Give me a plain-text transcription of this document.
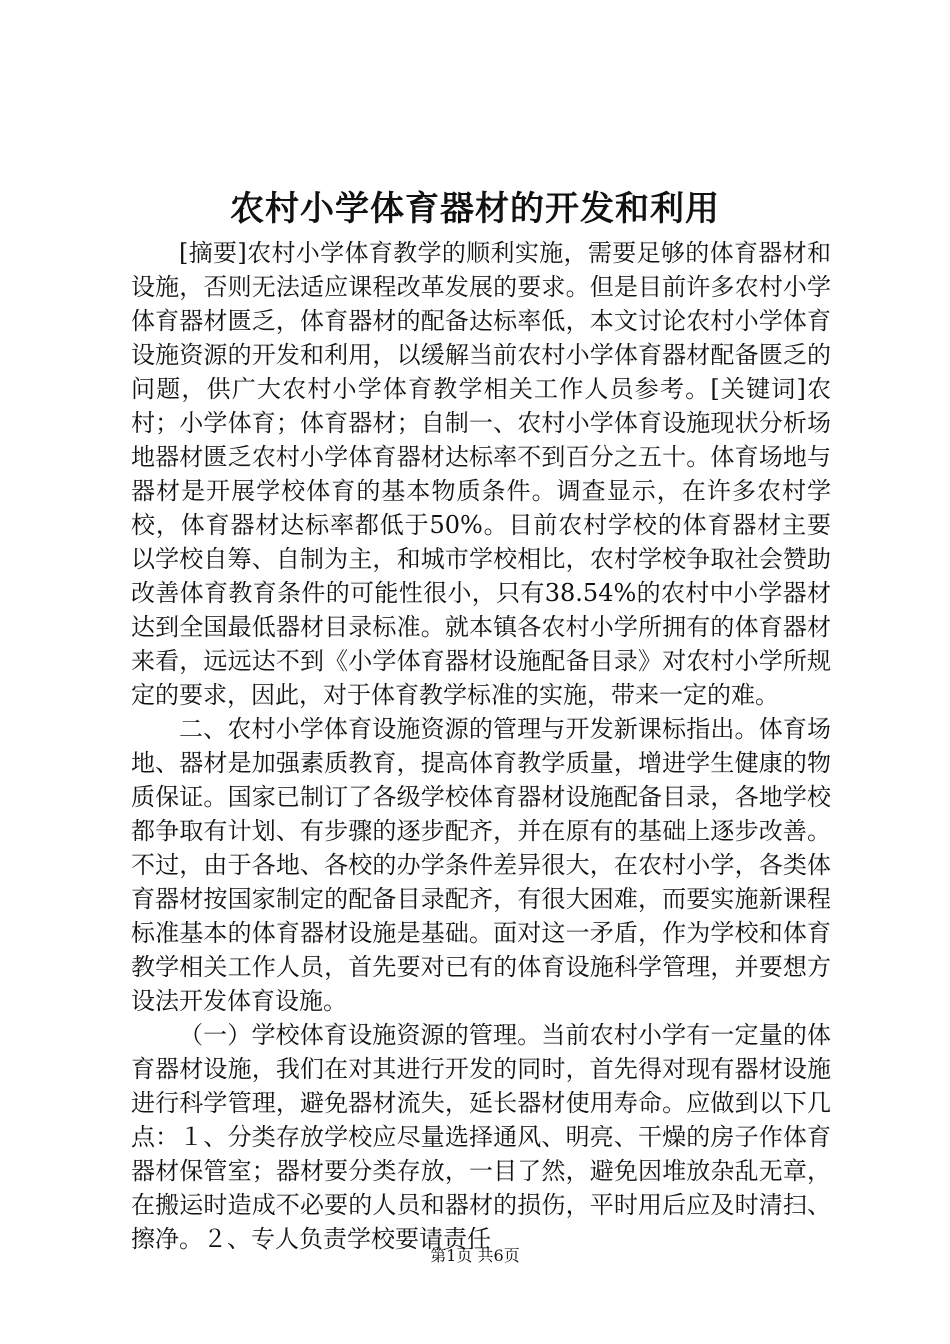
农村小学体育器材的开发和利用

[摘要]农村小学体育教学的顺利实施，需要足够的体育器材和设施，否则无法适应课程改革发展的要求。但是目前许多农村小学体育器材匮乏，体育器材的配备达标率低，本文讨论农村小学体育设施资源的开发和利用，以缓解当前农村小学体育器材配备匮乏的问题，供广大农村小学体育教学相关工作人员参考。[关键词]农村；小学体育；体育器材；自制一、农村小学体育设施现状分析场地器材匮乏农村小学体育器材达标率不到百分之五十。体育场地与器材是开展学校体育的基本物质条件。调查显示，在许多农村学校，体育器材达标率都低于50%。目前农村学校的体育器材主要以学校自筹、自制为主，和城市学校相比，农村学校争取社会赞助改善体育教育条件的可能性很小，只有38.54%的农村中小学器材达到全国最低器材目录标准。就本镇各农村小学所拥有的体育器材来看，远远达不到《小学体育器材设施配备目录》对农村小学所规定的要求，因此，对于体育教学标准的实施，带来一定的难。

二、农村小学体育设施资源的管理与开发新课标指出。体育场地、器材是加强素质教育，提高体育教学质量，增进学生健康的物质保证。国家已制订了各级学校体育器材设施配备目录，各地学校都争取有计划、有步骤的逐步配齐，并在原有的基础上逐步改善。不过，由于各地、各校的办学条件差异很大，在农村小学，各类体育器材按国家制定的配备目录配齐，有很大困难，而要实施新课程标准基本的体育器材设施是基础。面对这一矛盾，作为学校和体育教学相关工作人员，首先要对已有的体育设施科学管理，并要想方设法开发体育设施。

（一）学校体育设施资源的管理。当前农村小学有一定量的体育器材设施，我们在对其进行开发的同时，首先得对现有器材设施进行科学管理，避免器材流失，延长器材使用寿命。应做到以下几点：１、分类存放学校应尽量选择通风、明亮、干燥的房子作体育器材保管室；器材要分类存放，一目了然，避免因堆放杂乱无章，在搬运时造成不必要的人员和器材的损伤，平时用后应及时清扫、擦净。２、专人负责学校要请责任

第1页 共6页
